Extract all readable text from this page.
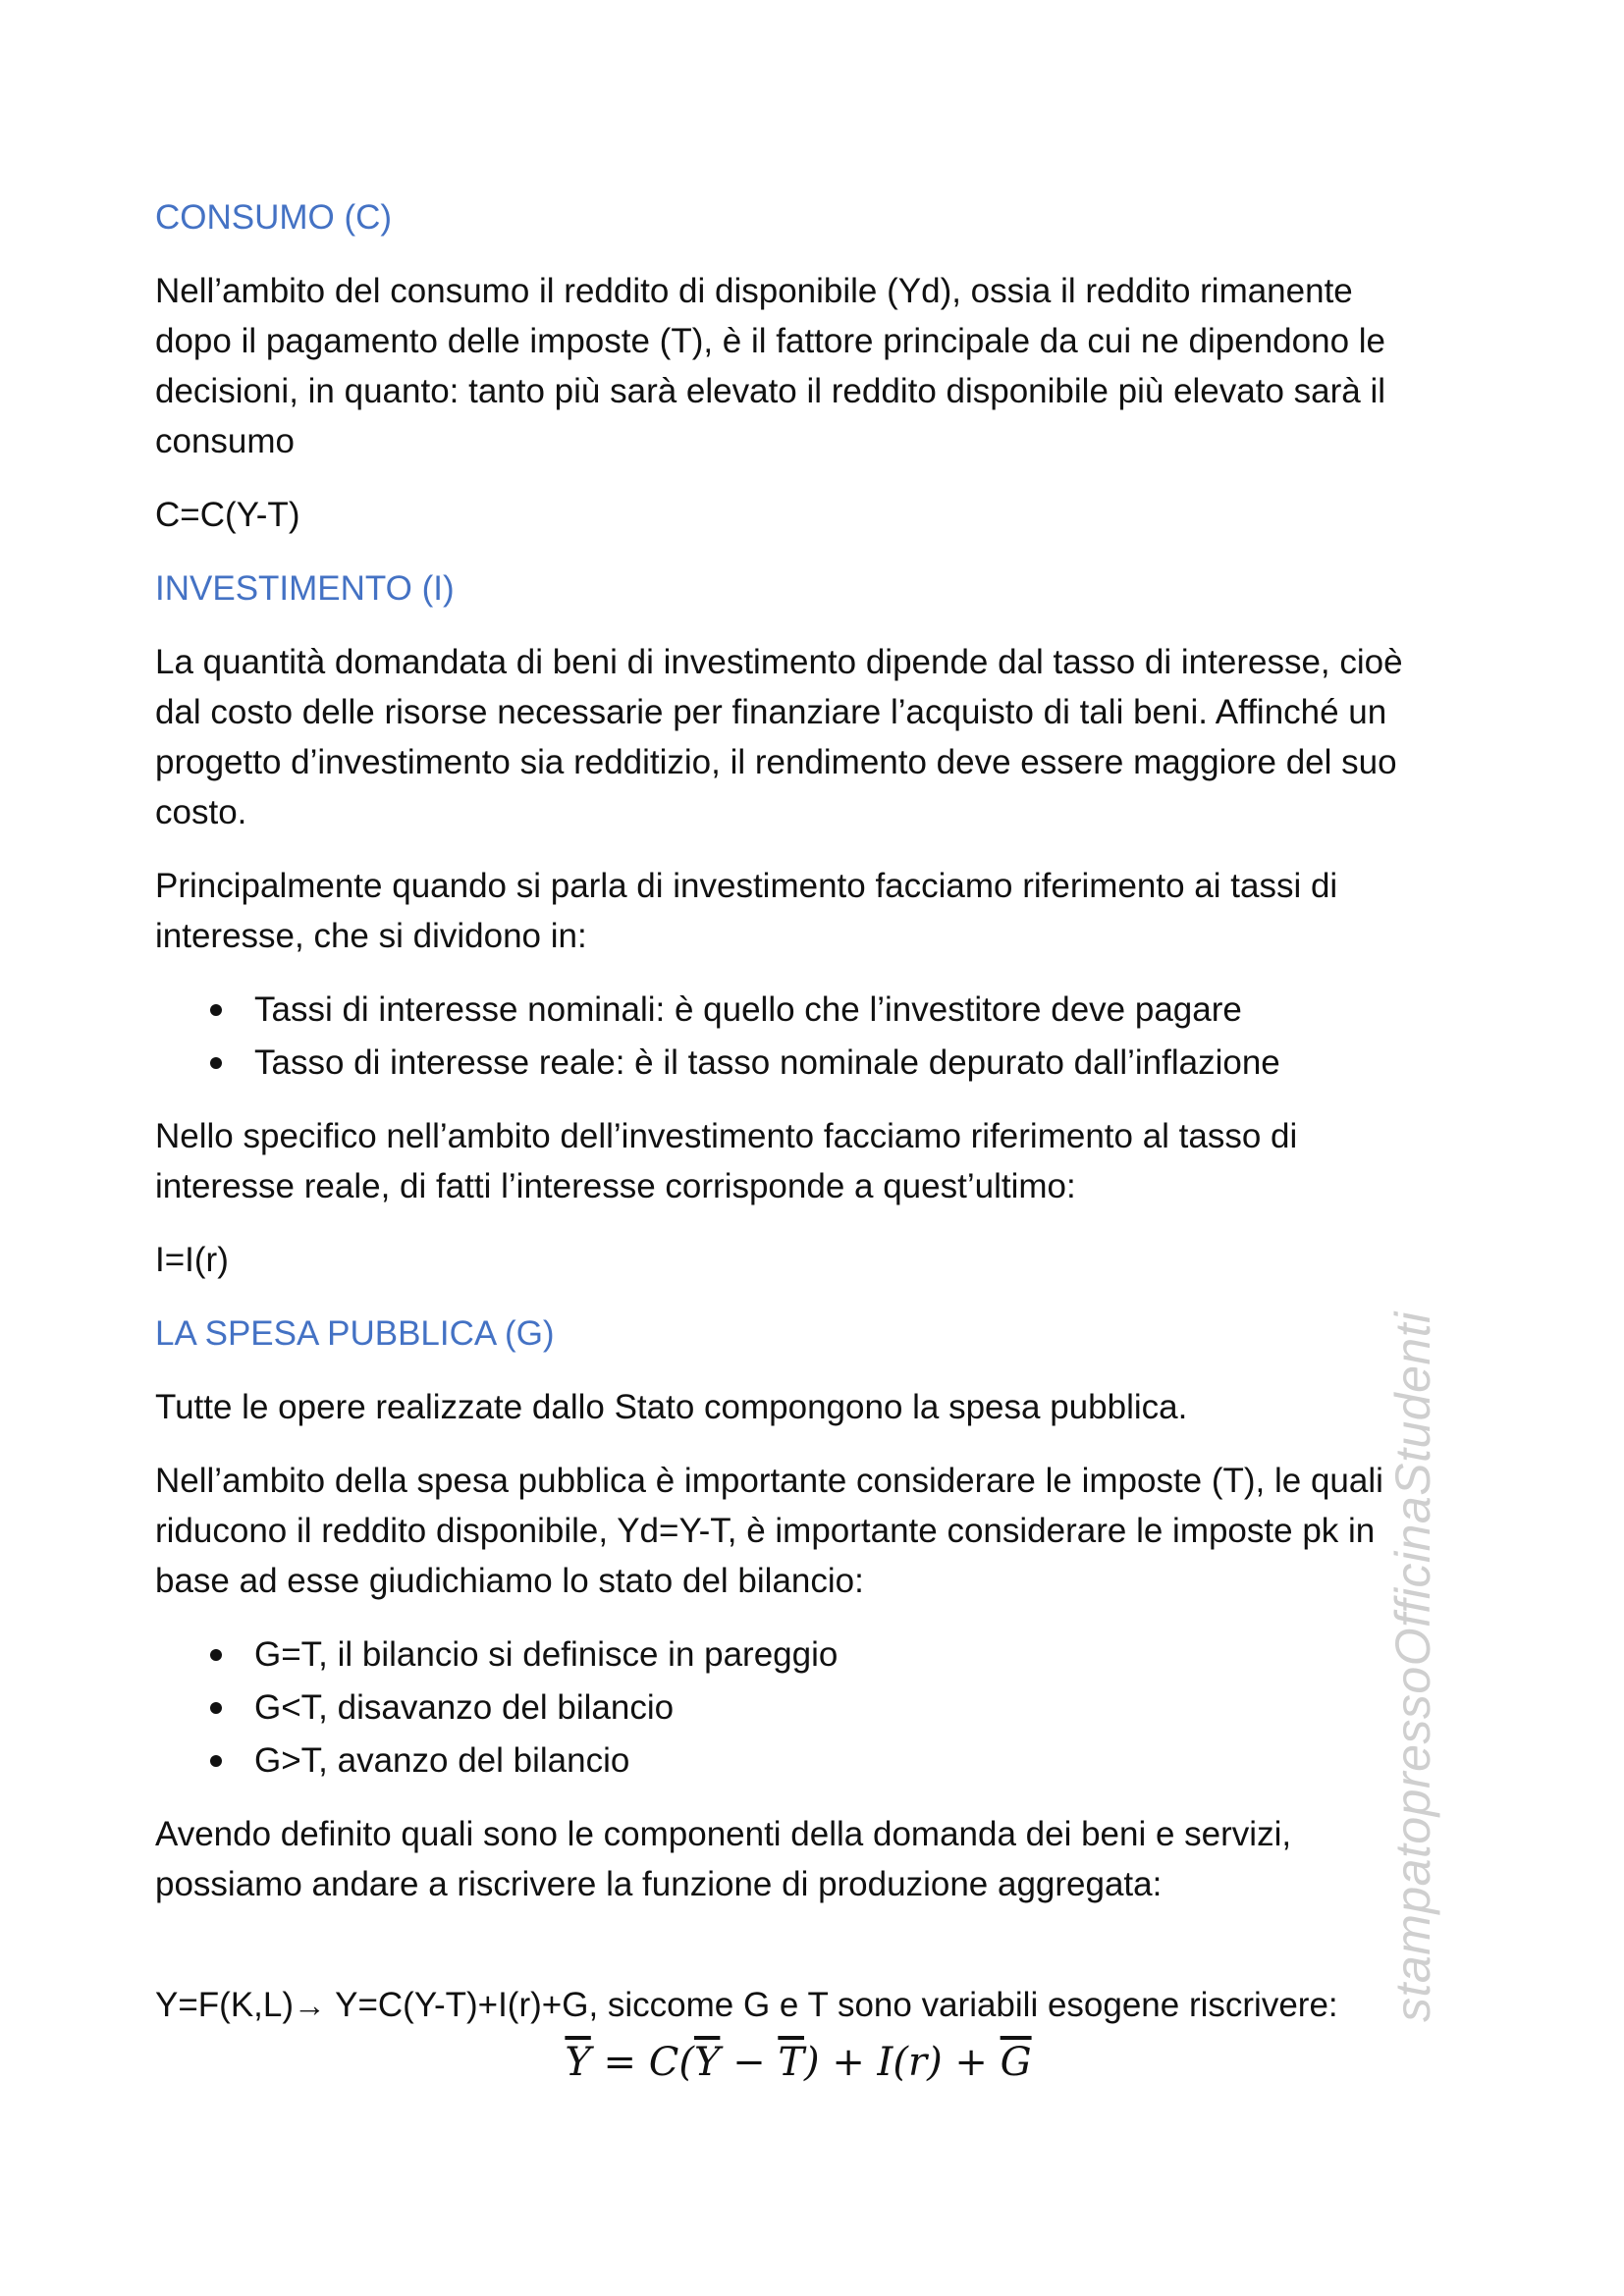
CONSUMO (C)

Nell’ambito del consumo il reddito di disponibile (Yd), ossia il reddito rimanente dopo il pagamento delle imposte (T), è il fattore principale da cui ne dipendono le decisioni, in quanto: tanto più sarà elevato il reddito disponibile più elevato sarà il consumo

C=C(Y-T)

INVESTIMENTO (I)

La quantità domandata di beni di investimento dipende dal tasso di interesse, cioè dal costo delle risorse necessarie per finanziare l’acquisto di tali beni. Affinché un progetto d’investimento sia redditizio, il rendimento deve essere maggiore del suo costo.

Principalmente quando si parla di investimento facciamo riferimento ai tassi di interesse, che si dividono in:

Tassi di interesse nominali: è quello che l’investitore deve pagare
Tasso di interesse reale: è il tasso nominale depurato dall’inflazione

Nello specifico nell’ambito dell’investimento facciamo riferimento al tasso di interesse reale, di fatti l’interesse corrisponde a quest’ultimo:

I=I(r)

LA SPESA PUBBLICA (G)

Tutte le opere realizzate dallo Stato compongono la spesa pubblica.

Nell’ambito della spesa pubblica è importante considerare le imposte (T), le quali riducono il reddito disponibile, Yd=Y-T, è importante considerare le imposte pk in base ad esse giudichiamo lo stato del bilancio:

G=T, il bilancio si definisce in pareggio
G<T, disavanzo del bilancio
G>T, avanzo del bilancio

Avendo definito quali sono le componenti della domanda dei beni e servizi, possiamo andare a riscrivere la funzione di produzione aggregata:

Y=F(K,L)→ Y=C(Y-T)+I(r)+G, siccome G e T sono variabili esogene riscrivere:

$\overline{Y} = C(\overline{Y} - \overline{T}) + I(r) + \overline{G}$
stampatopressoOfficinaStudenti
